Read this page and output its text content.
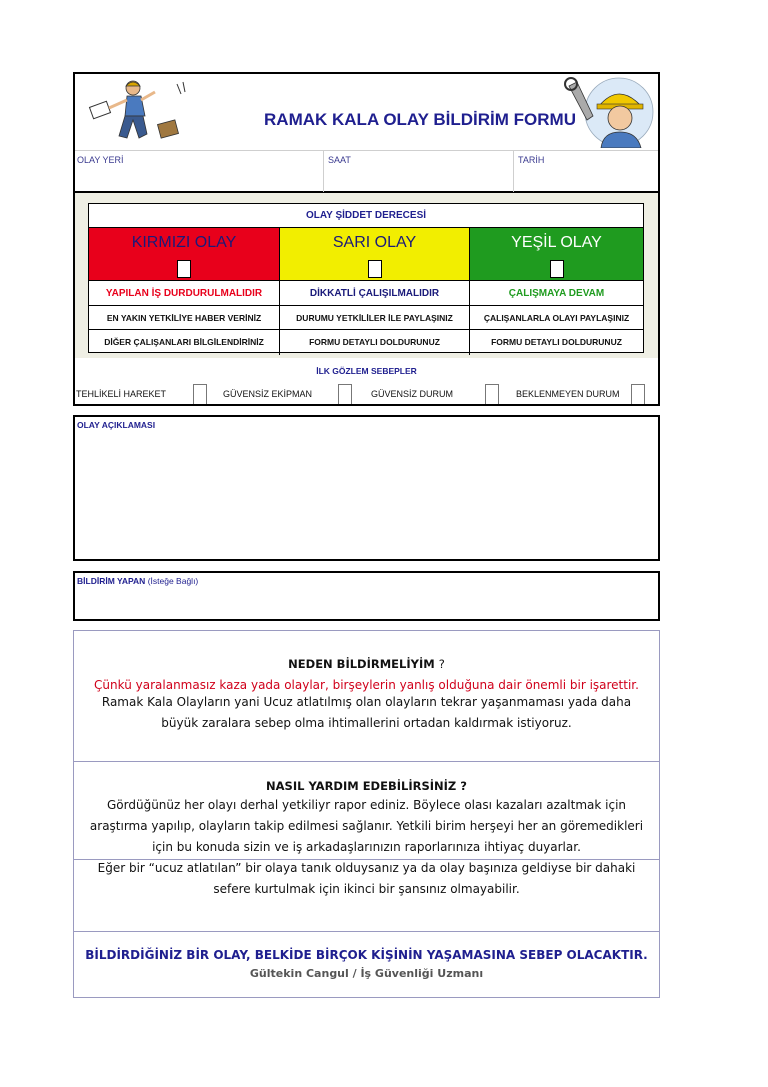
RAMAK KALA OLAY BİLDİRİM FORMU
OLAY YERİ	SAAT	TARİH
OLAY ŞİDDET DERECESİ
KIRMIZI OLAY	SARI OLAY	YEŞİL OLAY
YAPILAN İŞ DURDURULMALIDIR	DİKKATLİ ÇALIŞILMALIDIR	ÇALIŞMAYA DEVAM
EN YAKIN YETKİLİYE HABER VERİNİZ	DURUMU YETKİLİLER İLE PAYLAŞINIZ	ÇALIŞANLARLA OLAYI PAYLAŞINIZ
DİĞER ÇALIŞANLARI BİLGİLENDİRİNİZ	FORMU DETAYLI DOLDURUNUZ	FORMU DETAYLI DOLDURUNUZ
İLK GÖZLEM SEBEPLER
TEHLİKELİ HAREKET	GÜVENSİZ EKİPMAN	GÜVENSİZ DURUM	BEKLENMEYEN DURUM
OLAY AÇIKLAMASI
BİLDİRİM YAPAN (İsteğe Bağlı)
NEDEN BİLDİRMELİYİM ?
Çünkü yaralanmasız kaza yada olaylar, birşeylerin yanlış olduğuna dair önemli bir işarettir.
Ramak Kala Olayların yani Ucuz atlatılmış olan olayların tekrar yaşanmaması yada daha
büyük zaralara sebep olma ihtimallerini ortadan kaldırmak istiyoruz.
NASIL YARDIM EDEBİLİRSİNİZ ?
Gördüğünüz her olayı derhal yetkiliyr rapor ediniz. Böylece olası kazaları azaltmak için
araştırma yapılıp, olayların takip edilmesi sağlanır. Yetkili birim herşeyi her an göremedikleri
için bu konuda sizin ve iş arkadaşlarınızın raporlarınıza ihtiyaç duyarlar.
Eğer bir “ucuz atlatılan” bir olaya tanık olduysanız ya da olay başınıza geldiyse bir dahaki
sefere kurtulmak için ikinci bir şansınız olmayabilir.
BİLDİRDİĞİNİZ BİR OLAY, BELKİDE BİRÇOK KİŞİNİN YAŞAMASINA SEBEP OLACAKTIR.
Gültekin Cangul / İş Güvenliği Uzmanı
